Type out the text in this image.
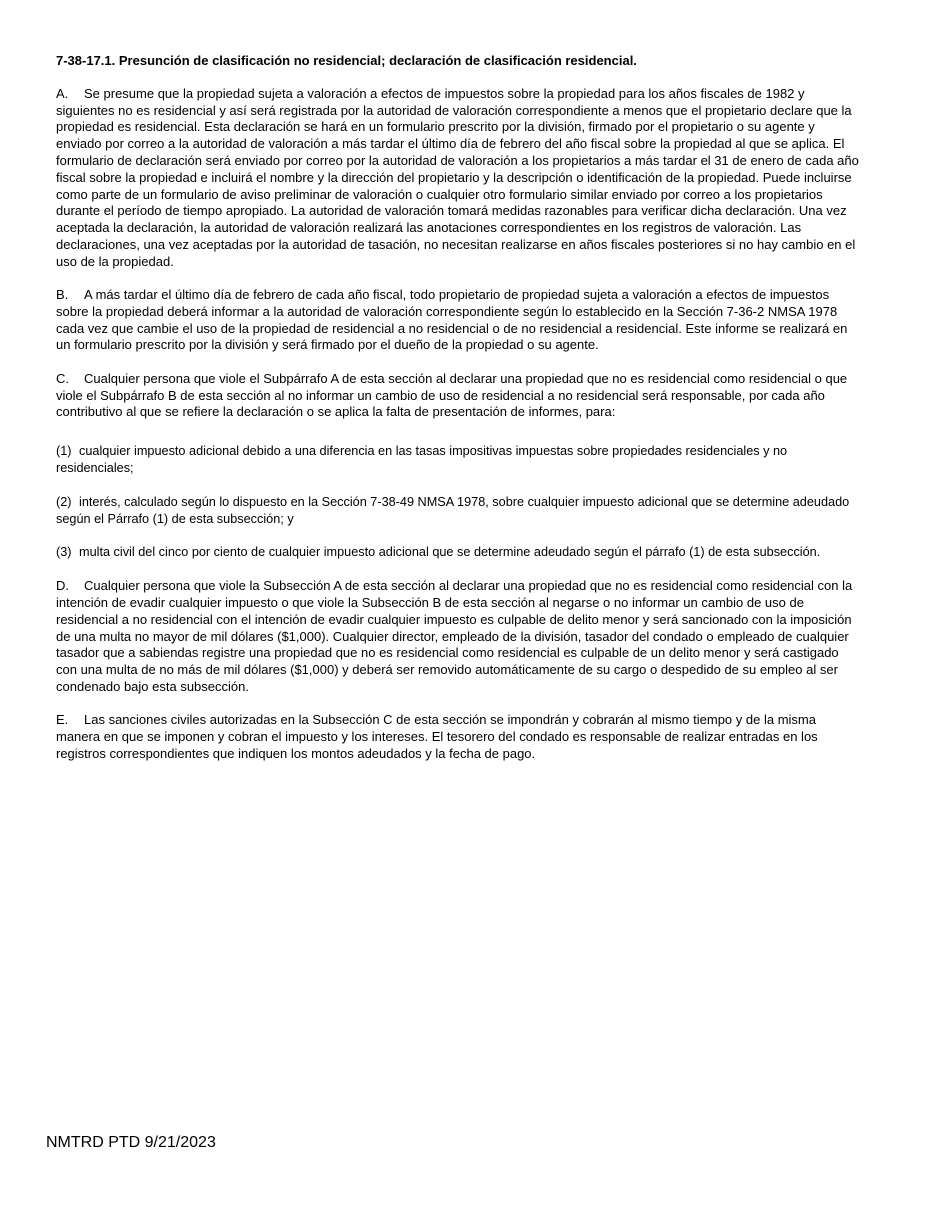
7-38-17.1. Presunción de clasificación no residencial; declaración de clasificación residencial.

A. Se presume que la propiedad sujeta a valoración a efectos de impuestos sobre la propiedad para los años fiscales de 1982 y siguientes no es residencial y así será registrada por la autoridad de valoración correspondiente a menos que el propietario declare que la propiedad es residencial. Esta declaración se hará en un formulario prescrito por la división, firmado por el propietario o su agente y enviado por correo a la autoridad de valoración a más tardar el último día de febrero del año fiscal sobre la propiedad al que se aplica. El formulario de declaración será enviado por correo por la autoridad de valoración a los propietarios a más tardar el 31 de enero de cada año fiscal sobre la propiedad e incluirá el nombre y la dirección del propietario y la descripción o identificación de la propiedad. Puede incluirse como parte de un formulario de aviso preliminar de valoración o cualquier otro formulario similar enviado por correo a los propietarios durante el período de tiempo apropiado. La autoridad de valoración tomará medidas razonables para verificar dicha declaración. Una vez aceptada la declaración, la autoridad de valoración realizará las anotaciones correspondientes en los registros de valoración. Las declaraciones, una vez aceptadas por la autoridad de tasación, no necesitan realizarse en años fiscales posteriores si no hay cambio en el uso de la propiedad.

B. A más tardar el último día de febrero de cada año fiscal, todo propietario de propiedad sujeta a valoración a efectos de impuestos sobre la propiedad deberá informar a la autoridad de valoración correspondiente según lo establecido en la Sección 7-36-2 NMSA 1978 cada vez que cambie el uso de la propiedad de residencial a no residencial o de no residencial a residencial. Este informe se realizará en un formulario prescrito por la división y será firmado por el dueño de la propiedad o su agente.

C. Cualquier persona que viole el Subpárrafo A de esta sección al declarar una propiedad que no es residencial como residencial o que viole el Subpárrafo B de esta sección al no informar un cambio de uso de residencial a no residencial será responsable, por cada año contributivo al que se refiere la declaración o se aplica la falta de presentación de informes, para:

(1) cualquier impuesto adicional debido a una diferencia en las tasas impositivas impuestas sobre propiedades residenciales y no residenciales;

(2) interés, calculado según lo dispuesto en la Sección 7-38-49 NMSA 1978, sobre cualquier impuesto adicional que se determine adeudado según el Párrafo (1) de esta subsección; y

(3) multa civil del cinco por ciento de cualquier impuesto adicional que se determine adeudado según el párrafo (1) de esta subsección.

D. Cualquier persona que viole la Subsección A de esta sección al declarar una propiedad que no es residencial como residencial con la intención de evadir cualquier impuesto o que viole la Subsección B de esta sección al negarse o no informar un cambio de uso de residencial a no residencial con el intención de evadir cualquier impuesto es culpable de delito menor y será sancionado con la imposición de una multa no mayor de mil dólares ($1,000). Cualquier director, empleado de la división, tasador del condado o empleado de cualquier tasador que a sabiendas registre una propiedad que no es residencial como residencial es culpable de un delito menor y será castigado con una multa de no más de mil dólares ($1,000) y deberá ser removido automáticamente de su cargo o despedido de su empleo al ser condenado bajo esta subsección.

E. Las sanciones civiles autorizadas en la Subsección C de esta sección se impondrán y cobrarán al mismo tiempo y de la misma manera en que se imponen y cobran el impuesto y los intereses. El tesorero del condado es responsable de realizar entradas en los registros correspondientes que indiquen los montos adeudados y la fecha de pago.

NMTRD PTD 9/21/2023
